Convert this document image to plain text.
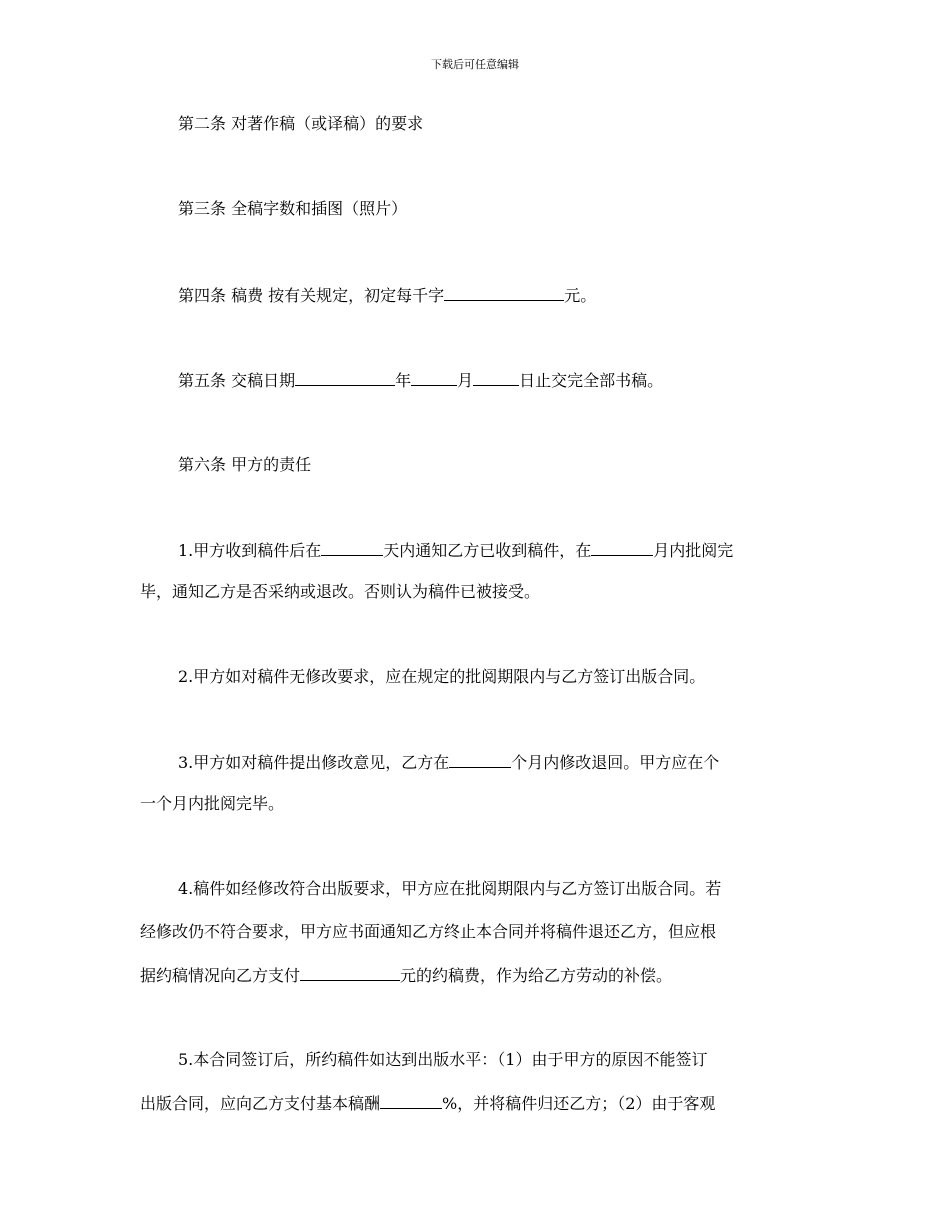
下载后可任意编辑
第二条 对著作稿（或译稿）的要求
第三条 全稿字数和插图（照片）
第四条 稿费 按有关规定，初定每千字	元。
第五条 交稿日期	年	月	日止交完全部书稿。
第六条 甲方的责任
1.甲方收到稿件后在	天内通知乙方已收到稿件，在	月内批阅完
毕，通知乙方是否采纳或退改。否则认为稿件已被接受。
2.甲方如对稿件无修改要求，应在规定的批阅期限内与乙方签订出版合同。
3.甲方如对稿件提出修改意见，乙方在	个月内修改退回。甲方应在个
一个月内批阅完毕。
4.稿件如经修改符合出版要求，甲方应在批阅期限内与乙方签订出版合同。若
经修改仍不符合要求，甲方应书面通知乙方终止本合同并将稿件退还乙方，但应根
据约稿情况向乙方支付	元的约稿费，作为给乙方劳动的补偿。
5.本合同签订后，所约稿件如达到出版水平：（1）由于甲方的原因不能签订
出版合同，应向乙方支付基本稿酬	%，并将稿件归还乙方；（2）由于客观
